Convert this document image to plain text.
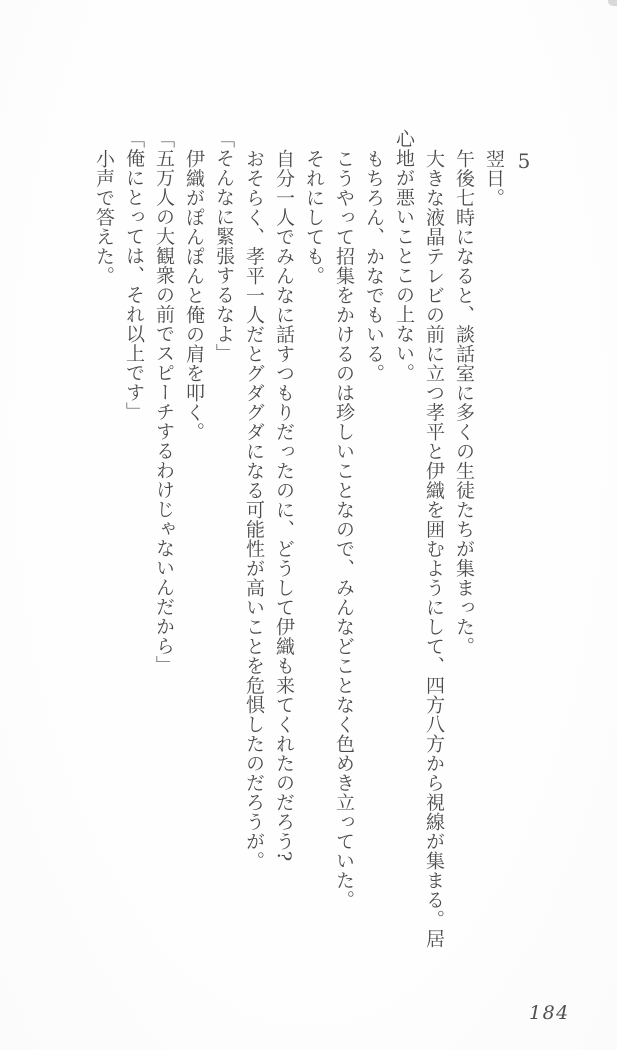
5

翌日。

午後七時になると、談話室に多くの生徒たちが集まった。

大きな液晶テレビの前に立つ孝平と伊織を囲むようにして、四方八方から視線が集まる。居心地が悪いことこの上ない。

もちろん、かなでもいる。

こうやって招集をかけるのは珍しいことなので、みんなどことなく色めき立っていた。

それにしても。

自分一人でみんなに話すつもりだったのに、どうして伊織も来てくれたのだろう?

おそらく、孝平一人だとグダグダになる可能性が高いことを危惧したのだろうが。

「そんなに緊張するなよ」

伊織がぽんぽんと俺の肩を叩く。

「五万人の大観衆の前でスピーチするわけじゃないんだから」

「俺にとっては、それ以上です」

小声で答えた。

184
